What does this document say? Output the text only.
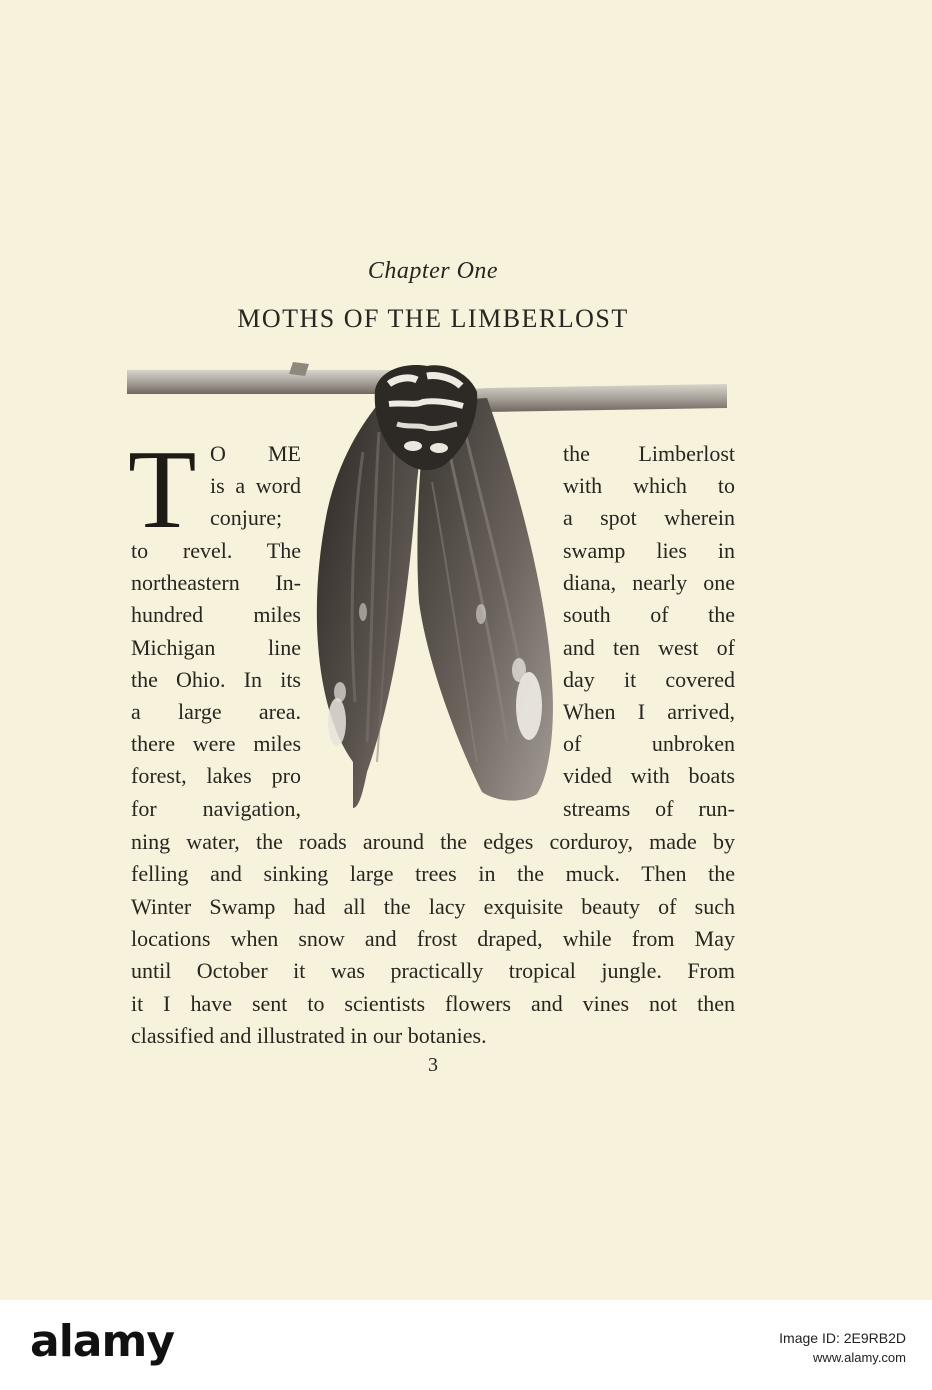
Chapter One
MOTHS OF THE LIMBERLOST
T O ME
is a word
conjure;
to revel. The
northeastern In-
hundred miles
Michigan line
the Ohio. In its
a large area.
there were miles
forest, lakes pro
for navigation,
the Limberlost
with which to
a spot wherein
swamp lies in
diana, nearly one
south of the
and ten west of
day it covered
When I arrived,
of unbroken
vided with boats
streams of run-
ning water, the roads around the edges corduroy, made by
felling and sinking large trees in the muck. Then the
Winter Swamp had all the lacy exquisite beauty of such
locations when snow and frost draped, while from May
until October it was practically tropical jungle. From
it I have sent to scientists flowers and vines not then
classified and illustrated in our botanies.
3
alamy	Image ID: 2E9RB2D
www.alamy.com
